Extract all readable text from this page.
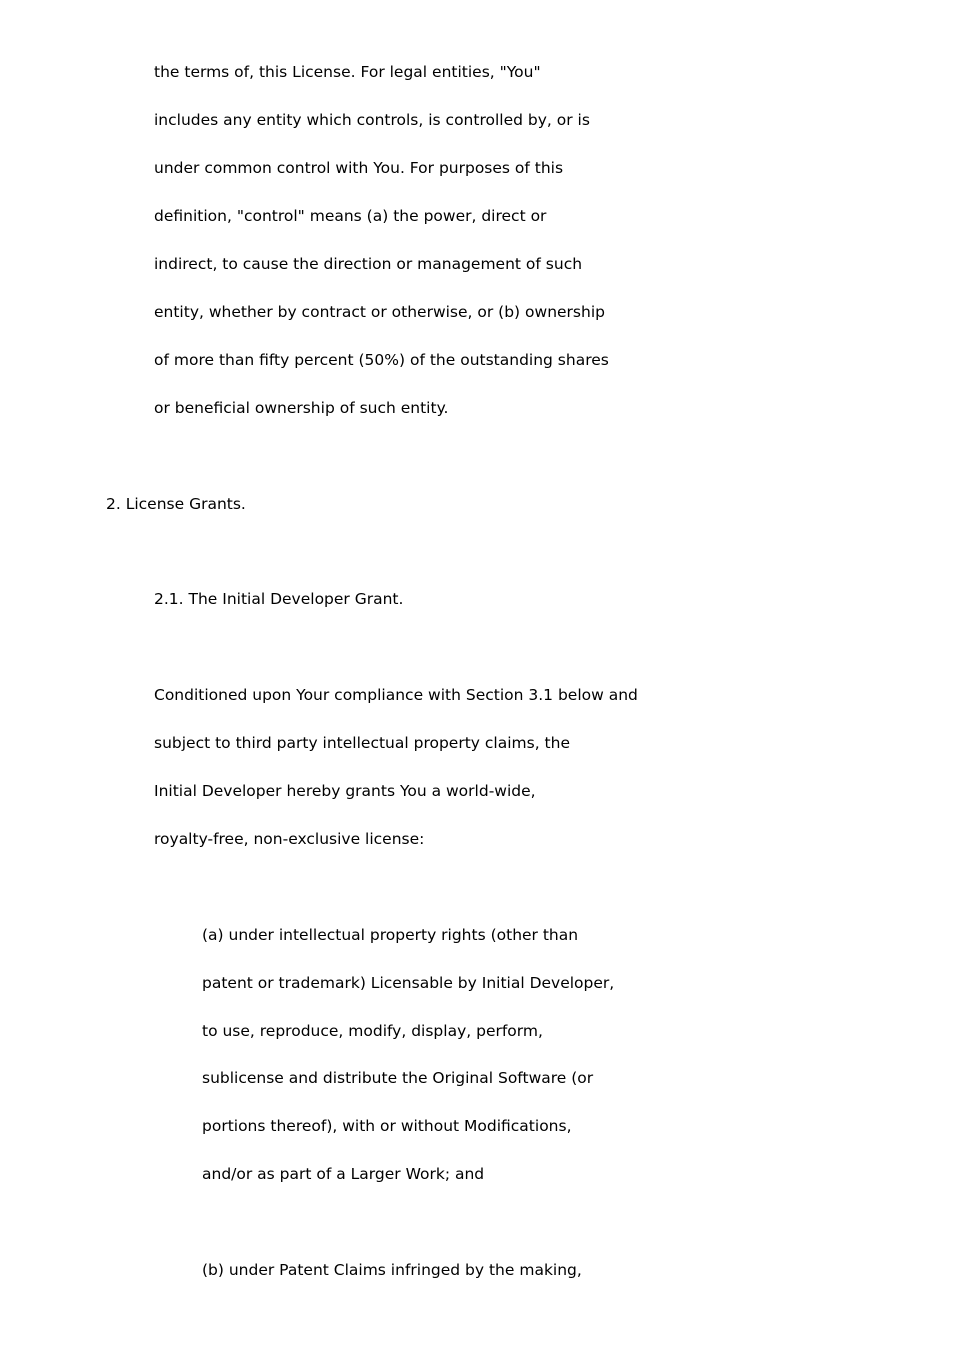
the terms of, this License. For legal entities, "You"

includes any entity which controls, is controlled by, or is

under common control with You. For purposes of this

definition, "control" means (a) the power, direct or

indirect, to cause the direction or management of such

entity, whether by contract or otherwise, or (b) ownership

of more than fifty percent (50%) of the outstanding shares

or beneficial ownership of such entity.

2. License Grants.

2.1. The Initial Developer Grant.

Conditioned upon Your compliance with Section 3.1 below and

subject to third party intellectual property claims, the

Initial Developer hereby grants You a world-wide,

royalty-free, non-exclusive license:

(a) under intellectual property rights (other than

patent or trademark) Licensable by Initial Developer,

to use, reproduce, modify, display, perform,

sublicense and distribute the Original Software (or

portions thereof), with or without Modifications,

and/or as part of a Larger Work; and

(b) under Patent Claims infringed by the making,
